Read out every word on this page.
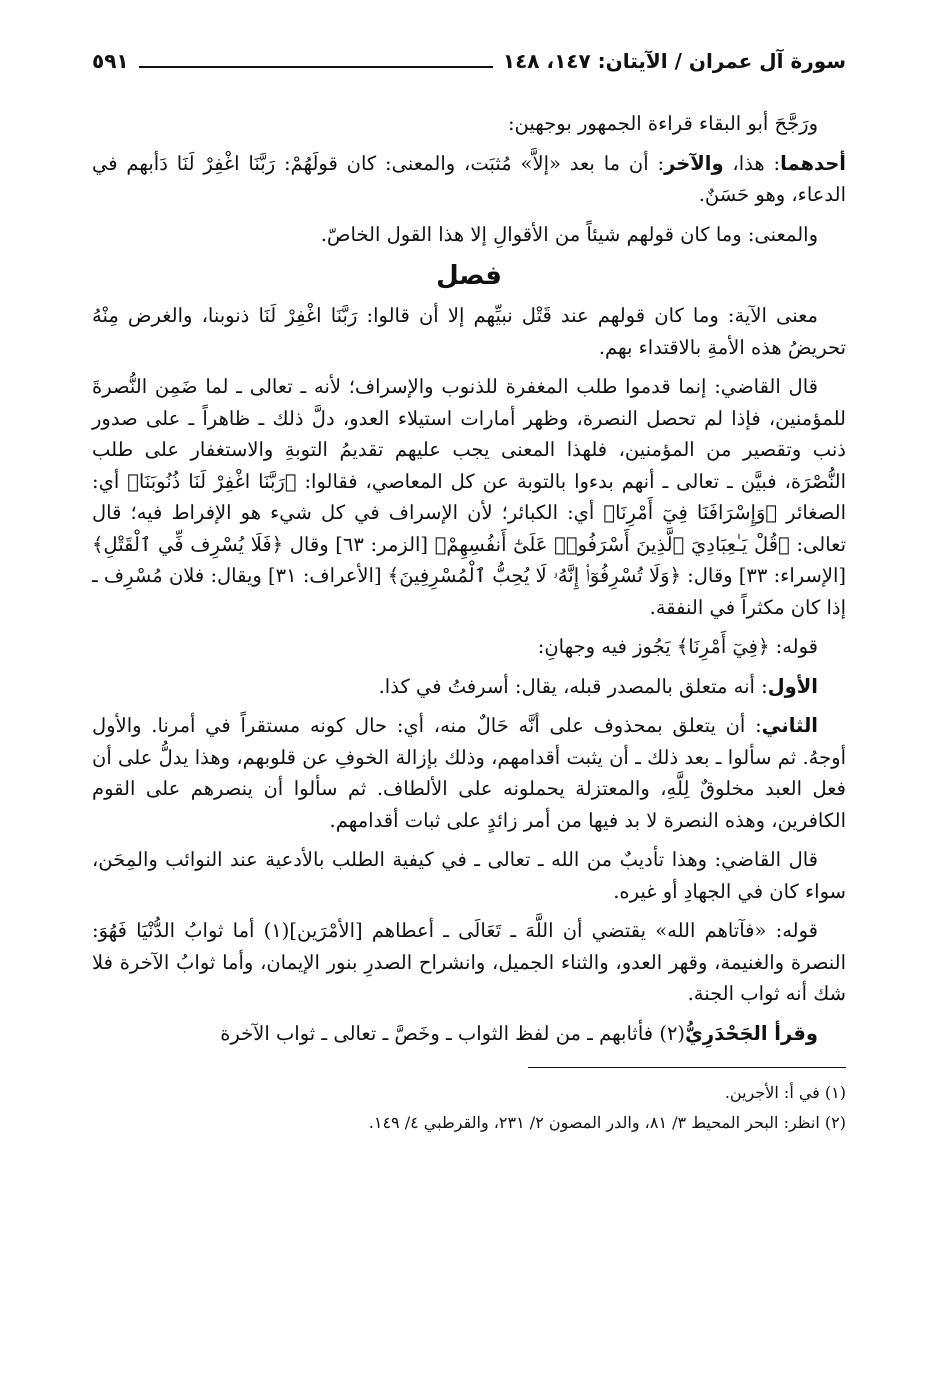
سورة آل عمران / الآيتان: ١٤٧، ١٤٨
٥٩١

ورَجَّحَ أبو البقاء قراءة الجمهور بوجهين:

أحدهما: هذا، والآخر: أن ما بعد «إلاَّ» مُثبَت، والمعنى: كان قولَهُمْ: رَبَّنَا اغْفِرْ لَنَا دَأبهم في الدعاء، وهو حَسَنٌ.

والمعنى: وما كان قولهم شيئاً من الأقوالِ إلا هذا القول الخاصّ.

فصل

معنى الآية: وما كان قولهم عند قَتْل نبيِّهم إلا أن قالوا: رَبَّنَا اغْفِرْ لَنَا ذنوبنا، والغرض مِنْهُ تحريضُ هذه الأمةِ بالاقتداء بهم.

قال القاضي: إنما قدموا طلب المغفرة للذنوب والإسراف؛ لأنه ـ تعالى ـ لما ضَمِن النُّصرةَ للمؤمنين، فإذا لم تحصل النصرة، وظهر أمارات استيلاء العدو، دلَّ ذلك ـ ظاهراً ـ على صدور ذنب وتقصير من المؤمنين، فلهذا المعنى يجب عليهم تقديمُ التوبةِ والاستغفار على طلب النُّصْرَة، فبيَّن ـ تعالى ـ أنهم بدءوا بالتوبة عن كل المعاصي، فقالوا: ﴿رَبَّنَا اغْفِرْ لَنَا ذُنُوبَنَا﴾ أي: الصغائر ﴿وَإِسْرَافَنَا فِيٓ أَمْرِنَا﴾ أي: الكبائر؛ لأن الإسراف في كل شيء هو الإفراط فيه؛ قال تعالى: ﴿قُلْ يَـٰعِبَادِيَ ٱلَّذِينَ أَسْرَفُوا۟ عَلَىٰٓ أَنفُسِهِمْ﴾ [الزمر: ٦٣] وقال ﴿فَلَا يُسْرِف فِّي ٱلْقَتْلِ﴾ [الإسراء: ٣٣] وقال: ﴿وَلَا تُسْرِفُوٓا۟ إِنَّهُۥ لَا يُحِبُّ ٱلْمُسْرِفِينَ﴾ [الأعراف: ٣١] ويقال: فلان مُسْرِف ـ إذا كان مكثراً في النفقة.

قوله: ﴿فِيٓ أَمْرِنَا﴾ يَجُوز فيه وجهانِ:

الأول: أنه متعلق بالمصدر قبله، يقال: أسرفتُ في كذا.

الثاني: أن يتعلق بمحذوف على أنَّه حَالٌ منه، أي: حال كونه مستقراً في أمرنا. والأول أوجهُ. ثم سألوا ـ بعد ذلك ـ أن يثبت أقدامهم، وذلك بإزالة الخوفِ عن قلوبهم، وهذا يدلُّ على أن فعل العبد مخلوقٌ لِلَّهِ، والمعتزلة يحملونه على الألطاف. ثم سألوا أن ينصرهم على القوم الكافرين، وهذه النصرة لا بد فيها من أمر زائدٍ على ثبات أقدامهم.

قال القاضي: وهذا تأديبٌ من الله ـ تعالى ـ في كيفية الطلب بالأدعية عند النوائب والمِحَن، سواء كان في الجهادِ أو غيره.

قوله: «فآتاهم الله» يقتضي أن اللَّهَ ـ تَعَالَى ـ أعطاهم [الأمْرَين](١) أما ثوابُ الدُّنْيَا فَهُوَ: النصرة والغنيمة، وقهر العدو، والثناء الجميل، وانشراح الصدرِ بنور الإيمان، وأما ثوابُ الآخرة فلا شك أنه ثواب الجنة.

وقرأ الجَحْدَرِيُّ(٢) فأثابهم ـ من لفظ الثواب ـ وخَصَّ ـ تعالى ـ ثواب الآخرة

(١) في أ: الأجرين.

(٢) انظر: البحر المحيط ٣/ ٨١، والدر المصون ٢/ ٢٣١، والقرطبي ٤/ ١٤٩.
